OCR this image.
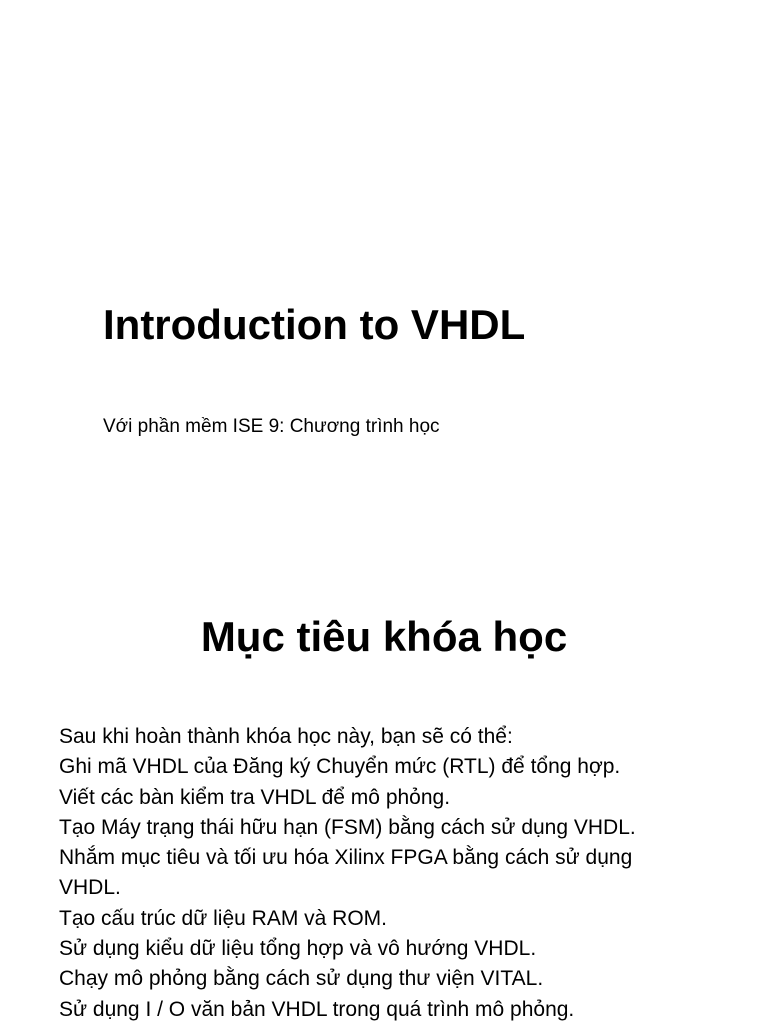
Introduction to VHDL

Với phần mềm ISE 9: Chương trình học

Mục tiêu khóa học

Sau khi hoàn thành khóa học này, bạn sẽ có thể:

Ghi mã VHDL của Đăng ký Chuyển mức (RTL) để tổng hợp.
Viết các bàn kiểm tra VHDL để mô phỏng.
Tạo Máy trạng thái hữu hạn (FSM) bằng cách sử dụng VHDL.
Nhắm mục tiêu và tối ưu hóa Xilinx FPGA bằng cách sử dụng VHDL.
Tạo cấu trúc dữ liệu RAM và ROM.
Sử dụng kiểu dữ liệu tổng hợp và vô hướng VHDL.
Chạy mô phỏng bằng cách sử dụng thư viện VITAL.
Sử dụng I / O văn bản VHDL trong quá trình mô phỏng.
